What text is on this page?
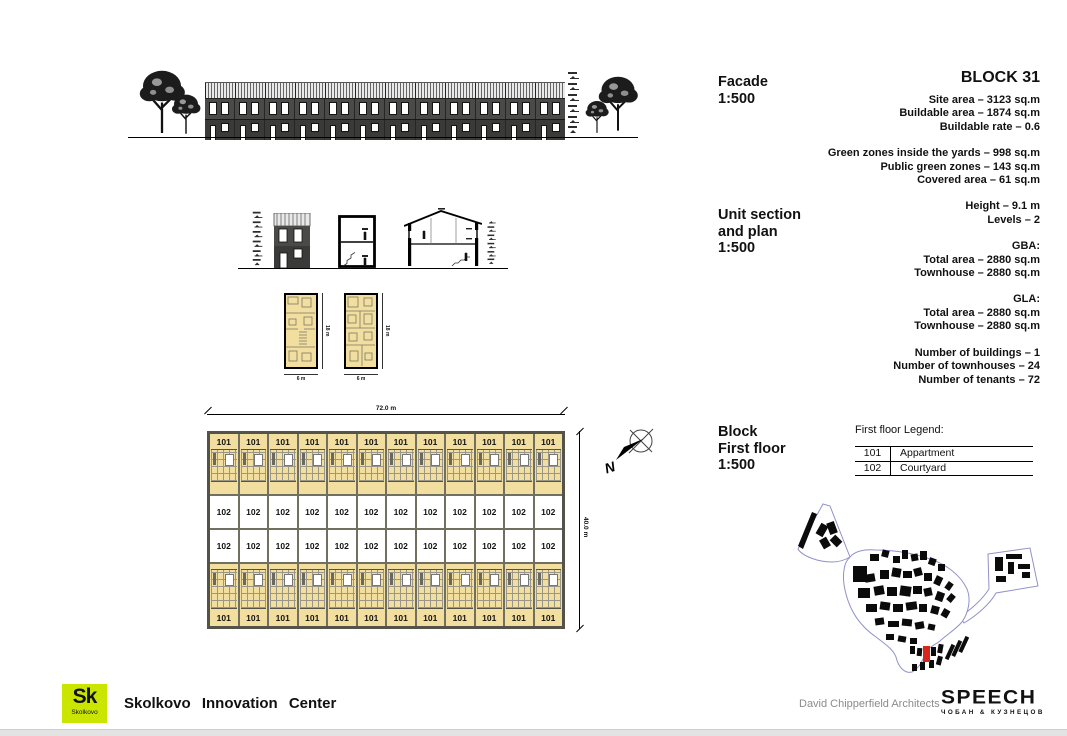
18 m
6 m
18 m
6 m
72.0 m
101	101	101	101	101	101	101	101	101	101	101	101
102	102	102	102	102	102	102	102	102	102	102	102
102	102	102	102	102	102	102	102	102	102	102	102
101	101	101	101	101	101	101	101	101	101	101	101
40.0 m
N
Facade
1:500
BLOCK 31
Site area – 3123 sq.m
Buildable area – 1874 sq.m
Buildable rate – 0.6
Green zones inside the yards – 998 sq.m
Public green zones – 143 sq.m
Covered area – 61 sq.m
Height – 9.1 m
Levels – 2
GBA:
Total area – 2880 sq.m
Townhouse – 2880 sq.m
GLA:
Total area – 2880 sq.m
Townhouse – 2880 sq.m
Number of buildings – 1
Number of townhouses – 24
Number of tenants – 72
Unit section
and plan
1:500
Block
First floor
1:500
First floor Legend:
101	Appartment
102	Courtyard
Sk
Skolkovo
Skolkovo Innovation Center	David Chipperfield Architects SPEECH
ЧОБАН & КУЗНЕЦОВ
